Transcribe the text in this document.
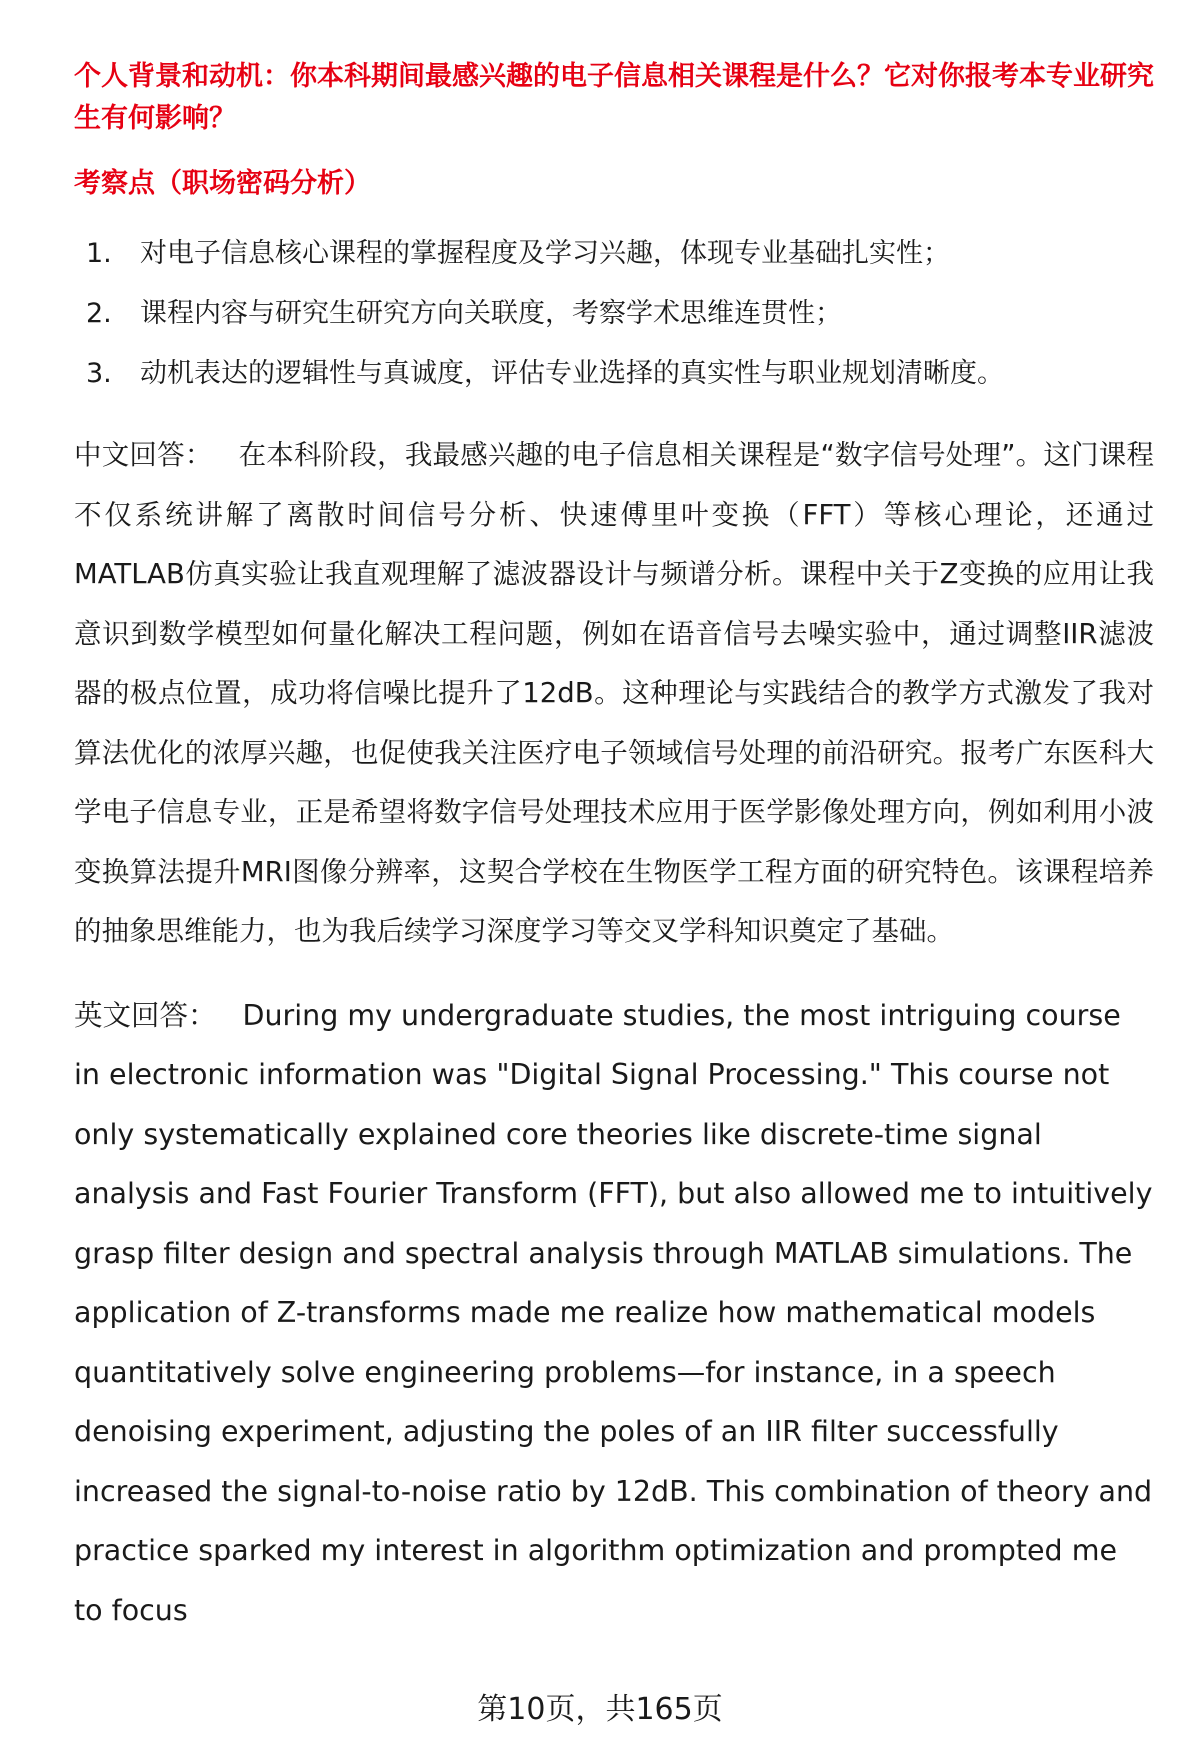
个人背景和动机：你本科期间最感兴趣的电子信息相关课程是什么？它对你报考本专业研究生有何影响？

考察点（职场密码分析）

1.	对电子信息核心课程的掌握程度及学习兴趣，体现专业基础扎实性；
2.	课程内容与研究生研究方向关联度，考察学术思维连贯性；
3.	动机表达的逻辑性与真诚度，评估专业选择的真实性与职业规划清晰度。

中文回答： 在本科阶段，我最感兴趣的电子信息相关课程是“数字信号处理”。这门课程不仅系统讲解了离散时间信号分析、快速傅里叶变换（FFT）等核心理论，还通过MATLAB仿真实验让我直观理解了滤波器设计与频谱分析。课程中关于Z变换的应用让我意识到数学模型如何量化解决工程问题，例如在语音信号去噪实验中，通过调整IIR滤波器的极点位置，成功将信噪比提升了12dB。这种理论与实践结合的教学方式激发了我对算法优化的浓厚兴趣，也促使我关注医疗电子领域信号处理的前沿研究。报考广东医科大学电子信息专业，正是希望将数字信号处理技术应用于医学影像处理方向，例如利用小波变换算法提升MRI图像分辨率，这契合学校在生物医学工程方面的研究特色。该课程培养的抽象思维能力，也为我后续学习深度学习等交叉学科知识奠定了基础。

英文回答： During my undergraduate studies, the most intriguing course in electronic information was "Digital Signal Processing." This course not only systematically explained core theories like discrete-time signal analysis and Fast Fourier Transform (FFT), but also allowed me to intuitively grasp filter design and spectral analysis through MATLAB simulations. The application of Z-transforms made me realize how mathematical models quantitatively solve engineering problems—for instance, in a speech denoising experiment, adjusting the poles of an IIR filter successfully increased the signal-to-noise ratio by 12dB. This combination of theory and practice sparked my interest in algorithm optimization and prompted me to focus

第10页，共165页
